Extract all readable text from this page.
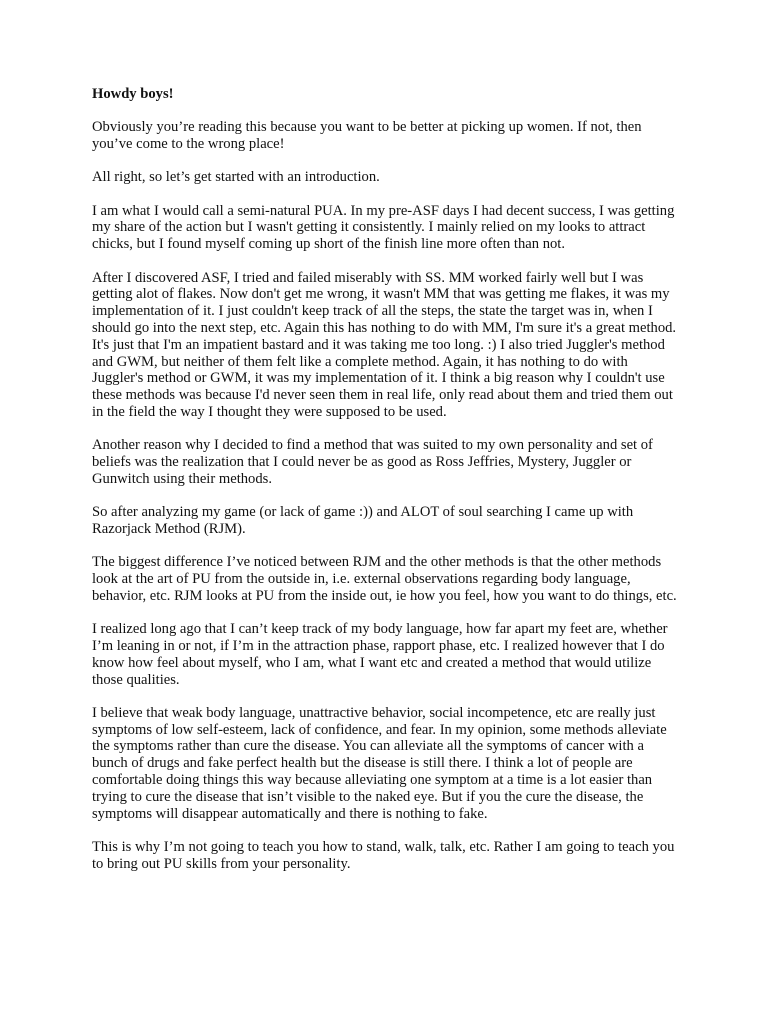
Howdy boys!

Obviously you’re reading this because you want to be better at picking up women. If not, then you’ve come to the wrong place!

All right, so let’s get started with an introduction.

I am what I would call a semi-natural PUA. In my pre-ASF days I had decent success, I was getting my share of the action but I wasn't getting it consistently. I mainly relied on my looks to attract chicks, but I found myself coming up short of the finish line more often than not.

After I discovered ASF, I tried and failed miserably with SS. MM worked fairly well but I was getting alot of flakes. Now don't get me wrong, it wasn't MM that was getting me flakes, it was my implementation of it. I just couldn't keep track of all the steps, the state the target was in, when I should go into the next step, etc. Again this has nothing to do with MM, I'm sure it's a great method. It's just that I'm an impatient bastard and it was taking me too long. :) I also tried Juggler's method and GWM, but neither of them felt like a complete method. Again, it has nothing to do with Juggler's method or GWM, it was my implementation of it. I think a big reason why I couldn't use these methods was because I'd never seen them in real life, only read about them and tried them out in the field the way I thought they were supposed to be used.

Another reason why I decided to find a method that was suited to my own personality and set of beliefs was the realization that I could never be as good as Ross Jeffries, Mystery, Juggler or Gunwitch using their methods.

So after analyzing my game (or lack of game :)) and ALOT of soul searching I came up with Razorjack Method (RJM).

The biggest difference I’ve noticed between RJM and the other methods is that the other methods look at the art of PU from the outside in, i.e. external observations regarding body language, behavior, etc. RJM looks at PU from the inside out, ie how you feel, how you want to do things, etc.

I realized long ago that I can’t keep track of my body language, how far apart my feet are, whether I’m leaning in or not, if I’m in the attraction phase, rapport phase, etc. I realized however that I do know how feel about myself, who I am, what I want etc and created a method that would utilize those qualities.

I believe that weak body language, unattractive behavior, social incompetence, etc are really just symptoms of low self-esteem, lack of confidence, and fear. In my opinion, some methods alleviate the symptoms rather than cure the disease. You can alleviate all the symptoms of cancer with a bunch of drugs and fake perfect health but the disease is still there. I think a lot of people are comfortable doing things this way because alleviating one symptom at a time is a lot easier than trying to cure the disease that isn’t visible to the naked eye. But if you the cure the disease, the symptoms will disappear automatically and there is nothing to fake.

This is why I’m not going to teach you how to stand, walk, talk, etc. Rather I am going to teach you to bring out PU skills from your personality.
